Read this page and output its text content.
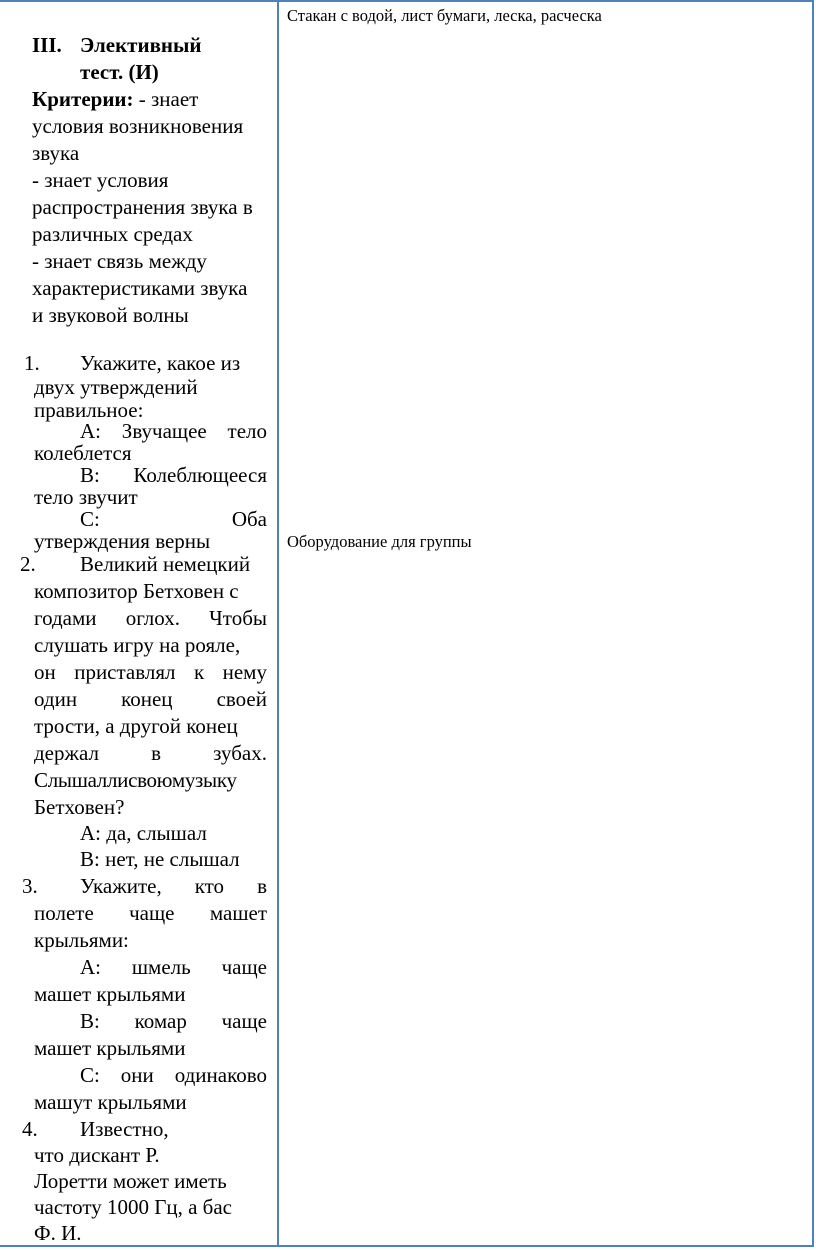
Стакан с водой, лист бумаги, леска, расческа
Оборудование для группы
III. Элективный
тест. (И)
Критерии: - знает
условия возникновения
звука
- знает условия
распространения звука в
различных средах
- знает связь между
характеристиками звука
и звуковой волны
1. Укажите, какое из
двух утверждений
правильное:
А: Звучащее тело
колеблется
В: Колеблющееся
тело звучит
С:	Оба
утверждения верны
2. Великий немецкий
композитор Бетховен с
годами оглох. Чтобы
слушать игру на рояле,
он приставлял к нему
один конец своей
трости, а другой конец
держал в зубах.
Слышаллисвоюмузыку
Бетховен?
А: да, слышал
В: нет, не слышал
3. Укажите, кто в
полете чаще машет
крыльями:
А: шмель чаще
машет крыльями
В: комар чаще
машет крыльями
С: они одинаково
машут крыльями
4. Известно,
что дискант Р.
Лоретти может иметь
частоту 1000 Гц, а бас
Ф. И.
